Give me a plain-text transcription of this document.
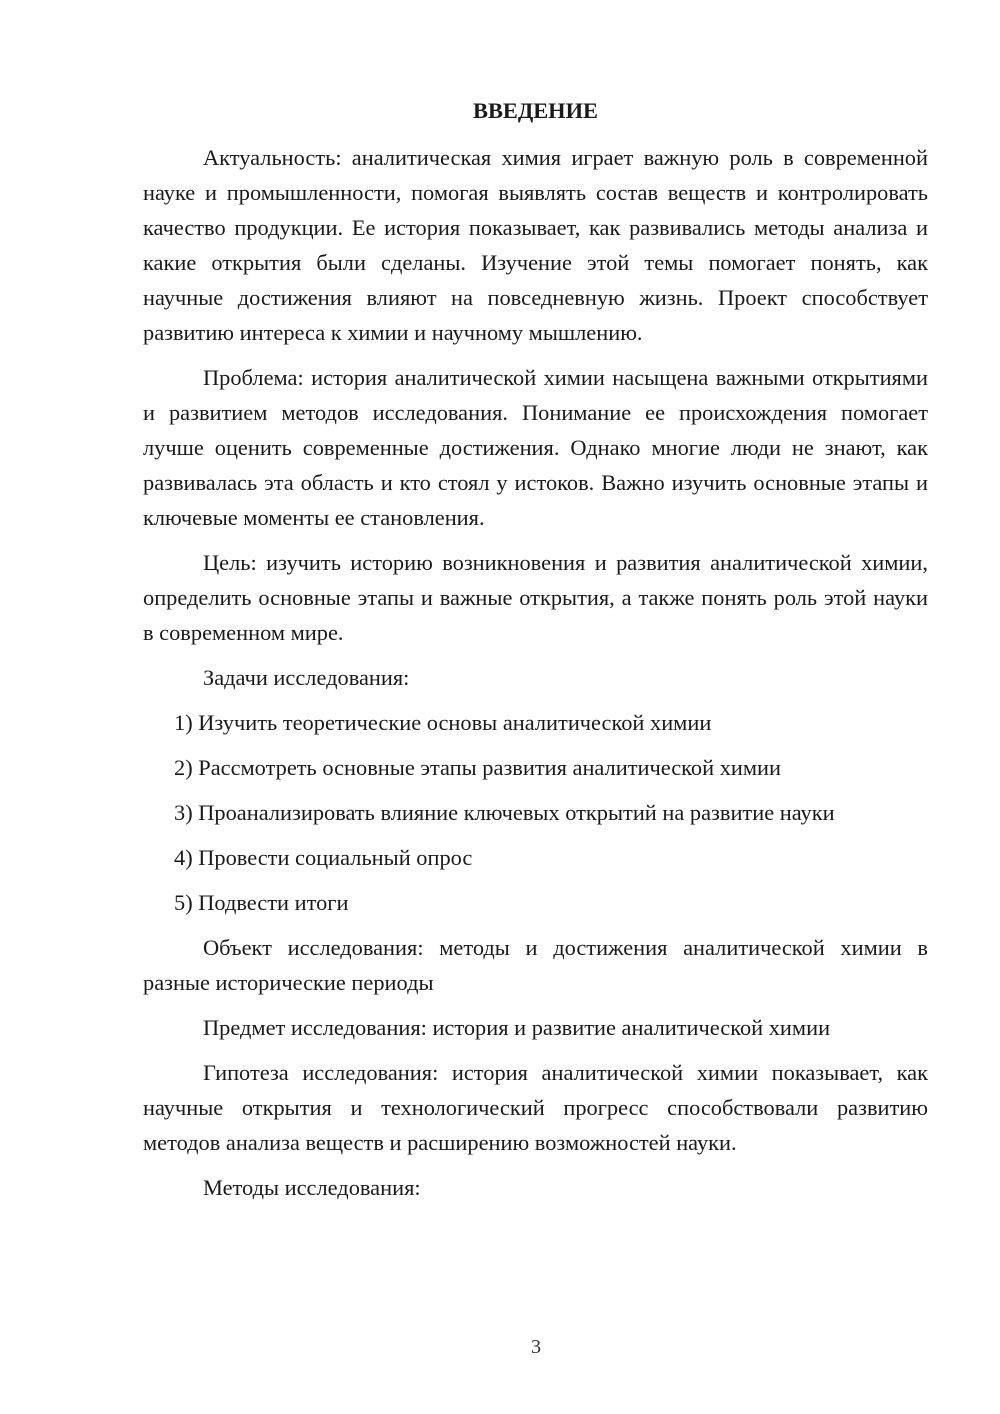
ВВЕДЕНИЕ

Актуальность: аналитическая химия играет важную роль в современной науке и промышленности, помогая выявлять состав веществ и контролировать качество продукции. Ее история показывает, как развивались методы анализа и какие открытия были сделаны. Изучение этой темы помогает понять, как научные достижения влияют на повседневную жизнь. Проект способствует развитию интереса к химии и научному мышлению.

Проблема: история аналитической химии насыщена важными открытиями и развитием методов исследования. Понимание ее происхождения помогает лучше оценить современные достижения. Однако многие люди не знают, как развивалась эта область и кто стоял у истоков. Важно изучить основные этапы и ключевые моменты ее становления.

Цель: изучить историю возникновения и развития аналитической химии, определить основные этапы и важные открытия, а также понять роль этой науки в современном мире.

Задачи исследования:

1) Изучить теоретические основы аналитической химии

2) Рассмотреть основные этапы развития аналитической химии

3) Проанализировать влияние ключевых открытий на развитие науки

4) Провести социальный опрос

5) Подвести итоги

Объект исследования: методы и достижения аналитической химии в разные исторические периоды

Предмет исследования: история и развитие аналитической химии

Гипотеза исследования: история аналитической химии показывает, как научные открытия и технологический прогресс способствовали развитию методов анализа веществ и расширению возможностей науки.

Методы исследования:

3
